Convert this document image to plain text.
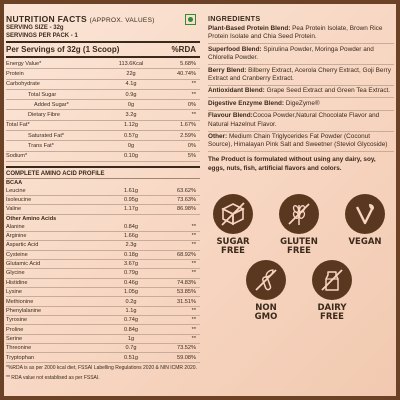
NUTRITION FACTS (APPROX. VALUES)
SERVING SIZE - 32g
SERVINGS PER PACK - 1
Per Servings of 32g (1 Scoop)	%RDA
Energy Value*	113.6Kcal	5.68%
Protein	22g	40.74%
Carbohydrate	4.1g	**
Total Sugar	0.9g	**
Added Sugar*	0g	0%
Dietary Fibre	3.2g	**
Total Fat*	1.12g	1.67%
Saturated Fat*	0.57g	2.59%
Trans Fat*	0g	0%
Sodium*	0.10g	5%
COMPLETE AMINO ACID PROFILE
BCAA
Leucine	1.61g	63.62%
Isoleucine	0.95g	73.63%
Valine	1.17g	86.98%
Other Amino Acids
Alanine	0.84g	**
Arginine	1.66g	**
Aspartic Acid	2.3g	**
Cysteine	0.18g	68.92%
Glutamic Acid	3.67g	**
Glycine	0.79g	**
Histidine	0.46g	74.83%
Lysine	1.05g	53.85%
Methionine	0.2g	31.51%
Phenylalanine	1.1g	**
Tyrosine	0.74g	**
Proline	0.84g	**
Serine	1g	**
Threonine	0.7g	73.52%
Tryptophan	0.51g	59.08%
*%RDA is as per 2000 kcal diet, FSSAI Labelling Regulations 2020 & NIN ICMR 2020.
** RDA value not establised as per FSSAI.
INGREDIENTS
Plant-Based Protein Blend: Pea Protein Isolate, Brown Rice Protein Isolate and Chia Seed Protein.
Superfood Blend: Spirulina Powder, Moringa Powder and Chlorella Powder.
Berry Blend: Bilberry Extract, Acerola Cherry Extract, Goji Berry Extract and Cranberry Extract.
Antioxidant Blend: Grape Seed Extract and Green Tea Extract.
Digestive Enzyme Blend: DigeZyme®
Flavour Blend:Cocoa Powder,Natural Chocolate Flavor and Natural Hazelnut Flavor.
Other: Medium Chain Triglycerides Fat Powder (Coconut Source), Himalayan Pink Salt and Sweetner (Steviol Glycoside)
The Product is formulated without using any dairy, soy, eggs, nuts, fish, artificial flavors and colors.
SUGAR
FREE
GLUTEN
FREE
VEGAN
NON
GMO
DAIRY
FREE
